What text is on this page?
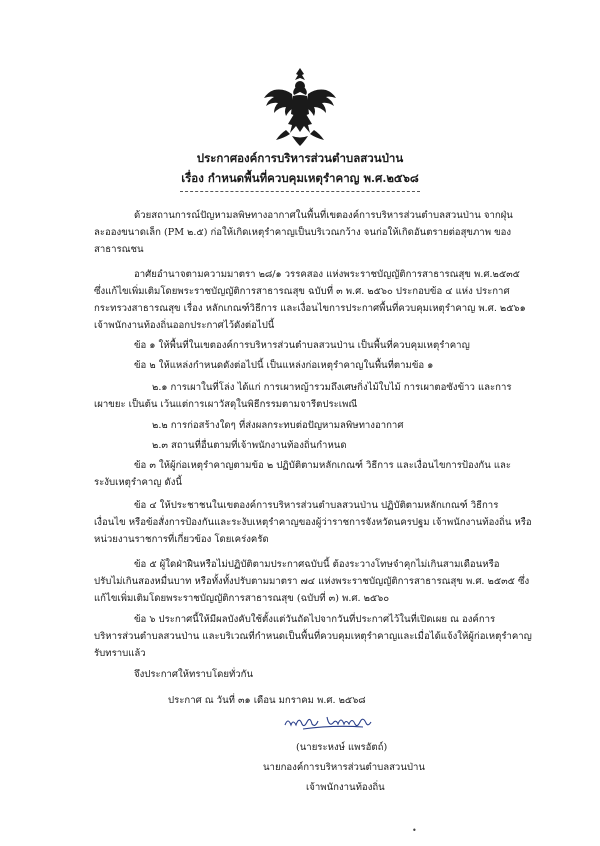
ประกาศองค์การบริหารส่วนตำบลสวนป่าน
เรื่อง กำหนดพื้นที่ควบคุมเหตุรำคาญ พ.ศ.๒๕๖๘
ด้วยสถานการณ์ปัญหามลพิษทางอากาศในพื้นที่เขตองค์การบริหารส่วนตำบลสวนป่าน จากฝุ่น
ละอองขนาดเล็ก (PM ๒.๕) ก่อให้เกิดเหตุรำคาญเป็นบริเวณกว้าง จนก่อให้เกิดอันตรายต่อสุขภาพ ของ
สาธารณชน
อาศัยอำนาจตามความมาตรา ๒๘/๑ วรรคสอง แห่งพระราชบัญญัติการสาธารณสุข พ.ศ.๒๕๓๕
ซึ่งแก้ไขเพิ่มเติมโดยพระราชบัญญัติการสาธารณสุข ฉบับที่ ๓ พ.ศ. ๒๕๖๐ ประกอบข้อ ๔ แห่ง ประกาศ
กระทรวงสาธารณสุข เรื่อง หลักเกณฑ์วิธีการ และเงื่อนไขการประกาศพื้นที่ควบคุมเหตุรำคาญ พ.ศ. ๒๕๖๑
เจ้าพนักงานท้องถิ่นออกประกาศไว้ดังต่อไปนี้
ข้อ ๑ ให้พื้นที่ในเขตองค์การบริหารส่วนตำบลสวนป่าน เป็นพื้นที่ควบคุมเหตุรำคาญ
ข้อ ๒ ให้แหล่งกำหนดดังต่อไปนี้ เป็นแหล่งก่อเหตุรำคาญในพื้นที่ตามข้อ ๑
๒.๑ การเผาในที่โล่ง ได้แก่ การเผาหญ้ารวมถึงเศษกิ่งไม้ใบไม้ การเผาตอซังข้าว และการ
เผาขยะ เป็นต้น เว้นแต่การเผาวัสดุในพิธีกรรมตามจารีตประเพณี
๒.๒ การก่อสร้างใดๆ ที่ส่งผลกระทบต่อปัญหามลพิษทางอากาศ
๒.๓ สถานที่อื่นตามที่เจ้าพนักงานท้องถิ่นกำหนด
ข้อ ๓ ให้ผู้ก่อเหตุรำคาญตามข้อ ๒ ปฏิบัติตามหลักเกณฑ์ วิธีการ และเงื่อนไขการป้องกัน และ
ระงับเหตุรำคาญ ดังนี้
ข้อ ๔ ให้ประชาชนในเขตองค์การบริหารส่วนตำบลสวนป่าน ปฏิบัติตามหลักเกณฑ์ วิธีการ
เงื่อนไข หรือข้อสั่งการป้องกันและระงับเหตุรำคาญของผู้ว่าราชการจังหวัดนครปฐม เจ้าพนักงานท้องถิ่น หรือ
หน่วยงานราชการที่เกี่ยวข้อง โดยเคร่งครัด
ข้อ ๕ ผู้ใดฝ่าฝืนหรือไม่ปฏิบัติตามประกาศฉบับนี้ ต้องระวางโทษจำคุกไม่เกินสามเดือนหรือ
ปรับไม่เกินสองหมื่นบาท หรือทั้งทั้งปรับตามมาตรา ๗๔ แห่งพระราชบัญญัติการสาธารณสุข พ.ศ. ๒๕๓๕ ซึ่ง
แก้ไขเพิ่มเติมโดยพระราชบัญญัติการสาธารณสุข (ฉบับที่ ๓) พ.ศ. ๒๕๖๐
ข้อ ๖ ประกาศนี้ให้มีผลบังคับใช้ตั้งแต่วันถัดไปจากวันที่ประกาศไว้ในที่เปิดเผย ณ องค์การ
บริหารส่วนตำบลสวนป่าน และบริเวณที่กำหนดเป็นพื้นที่ควบคุมเหตุรำคาญและเมื่อได้แจ้งให้ผู้ก่อเหตุรำคาญ
รับทราบแล้ว
จึงประกาศให้ทราบโดยทั่วกัน
ประกาศ ณ วันที่ ๓๑ เดือน มกราคม พ.ศ. ๒๕๖๘
(นายระหงษ์ แพรอัตถ์)
นายกองค์การบริหารส่วนตำบลสวนป่าน
เจ้าพนักงานท้องถิ่น
•
